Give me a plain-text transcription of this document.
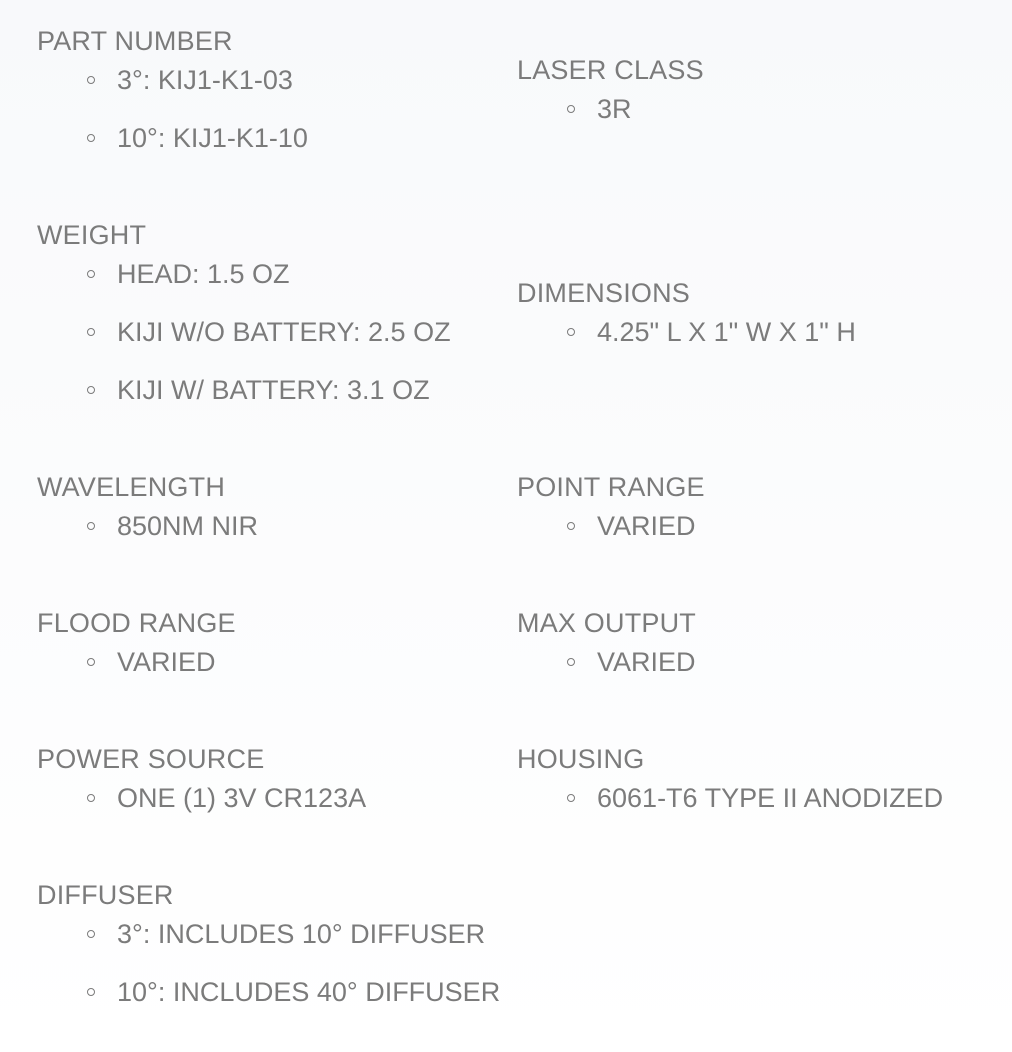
PART NUMBER
3°: KIJ1-K1-03
10°: KIJ1-K1-10
LASER CLASS
3R
WEIGHT
HEAD: 1.5 OZ
KIJI W/O BATTERY: 2.5 OZ
KIJI W/ BATTERY: 3.1 OZ
DIMENSIONS
4.25" L X 1" W X 1" H
WAVELENGTH
850NM NIR
POINT RANGE
VARIED
FLOOD RANGE
VARIED
MAX OUTPUT
VARIED
POWER SOURCE
ONE (1) 3V CR123A
HOUSING
6061-T6 TYPE II ANODIZED
DIFFUSER
3°: INCLUDES 10° DIFFUSER
10°: INCLUDES 40° DIFFUSER
